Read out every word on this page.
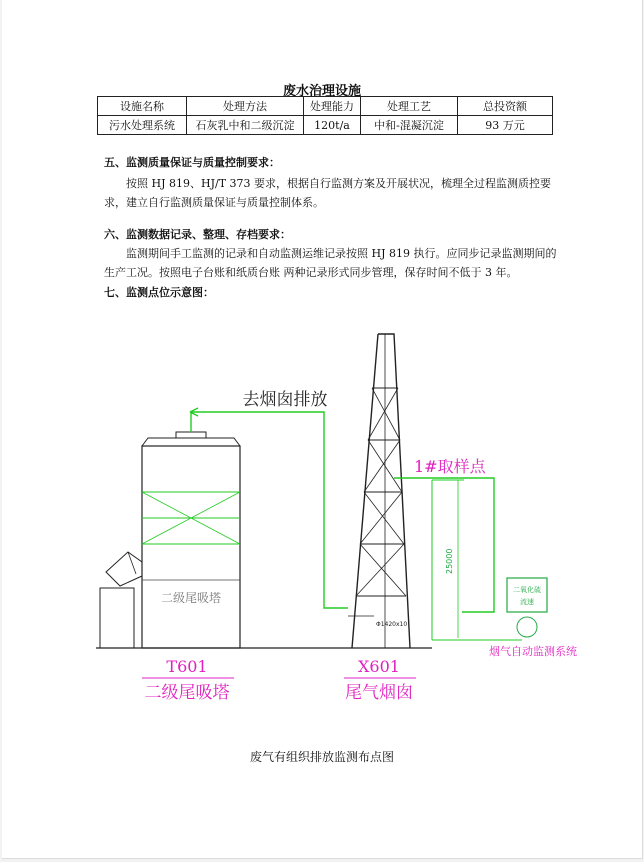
废水治理设施
设施名称	处理方法	处理能力	处理工艺	总投资额
污水处理系统	石灰乳中和二级沉淀	120t/a	中和-混凝沉淀	93 万元
五、监测质量保证与质量控制要求：
按照 HJ 819、HJ/T 373 要求，根据自行监测方案及开展状况，梳理全过程监测质控要求，建立自行监测质量保证与质量控制体系。
六、监测数据记录、整理、存档要求：
监测期间手工监测的记录和自动监测运维记录按照 HJ 819 执行。应同步记录监测期间的生产工况。按照电子台账和纸质台账 两种记录形式同步管理，保存时间不低于 3 年。
七、监测点位示意图：
二级尾吸塔
去烟囱排放
Φ1420x10
1#取样点
25000
二氧化硫
流速
烟气自动监测系统
T601
二级尾吸塔
X601
尾气烟囱
废气有组织排放监测布点图
